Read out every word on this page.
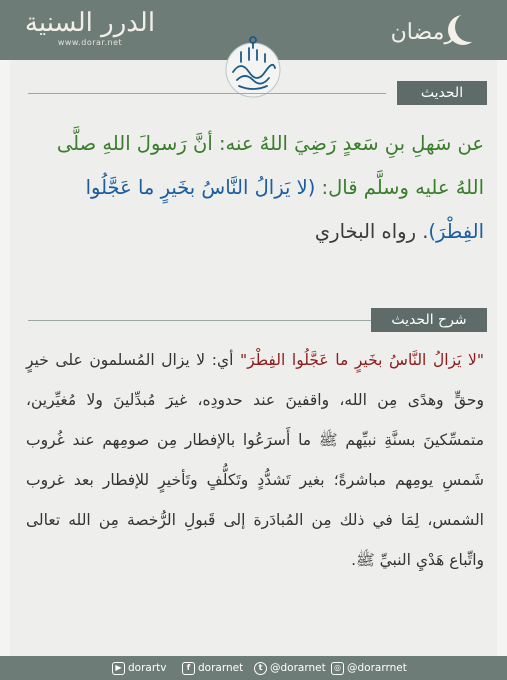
الدرر السنية
www.dorar.net	رمضان
الحديث
عن سَهلِ بنِ سَعدٍ رَضِيَ اللهُ عنه: أنَّ رَسولَ اللهِ صلَّى اللهُ عليه وسلَّم قال: (لا يَزالُ النَّاسُ بخَيرٍ ما عَجَّلُوا الفِطْرَ). رواه البخاري
شرح الحديث
"لا يَزالُ النَّاسُ بخَيرٍ ما عَجَّلُوا الفِطْرَ" أي: لا يزال المُسلمون على خيرٍ وحقٍّ وهدًى مِن الله، واقفينَ عند حدودِه، غيرَ مُبدِّلينَ ولا مُغيِّرين، متمسِّكينَ بسنَّةِ نبيِّهم ﷺ ما أَسرَعُوا بالإفطار مِن صومِهم عند غُروب شَمسِ يومِهم مباشرةً؛ بغير تَشدُّدٍ وتَكلُّفٍ وتَأخيرٍ للإفطار بعد غروب الشمس، لِمَا في ذلك مِن المُبادَرة إلى قَبولِ الرُّخصة مِن الله تعالى واتِّباع هَدْيِ النبيِّ ﷺ.
▶ dorartv	f dorarnet	t @dorarnet	◎ @dorarrnet
